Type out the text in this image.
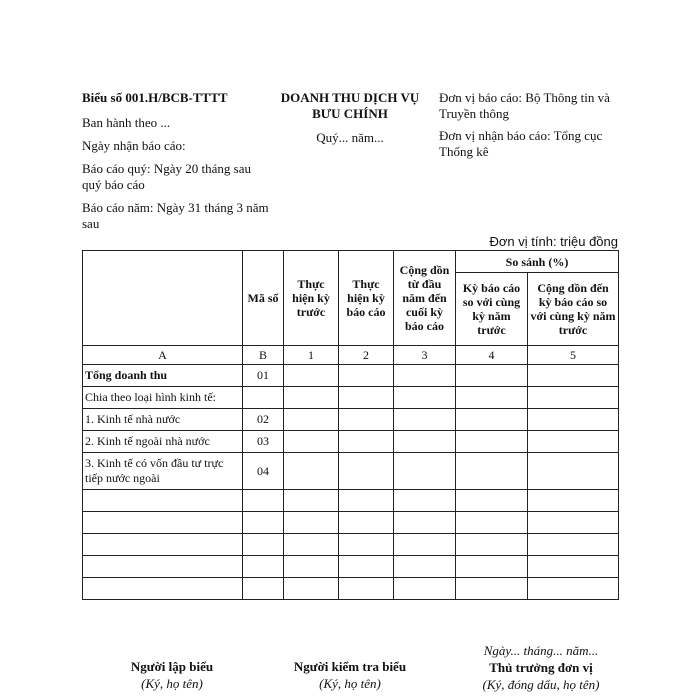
Biểu số 001.H/BCB-TTTT
Ban hành theo ...
Ngày nhận báo cáo:
Báo cáo quý: Ngày 20 tháng sau quý báo cáo
Báo cáo năm: Ngày 31 tháng 3 năm sau
DOANH THU DỊCH VỤ BƯU CHÍNH
Quý... năm...
Đơn vị báo cáo: Bộ Thông tin và Truyền thông
Đơn vị nhận báo cáo: Tổng cục Thống kê
Đơn vị tính: triệu đồng
	Mã số	Thực hiện kỳ trước	Thực hiện kỳ báo cáo	Cộng dồn từ đầu năm đến cuối kỳ báo cáo	So sánh (%)	
					Kỳ báo cáo so với cùng kỳ năm trước	Cộng dồn đến kỳ báo cáo so với cùng kỳ năm trước
A	B	1	2	3	4	5
Tổng doanh thu	01					
Chia theo loại hình kinh tế:						
1. Kinh tế nhà nước	02					
2. Kinh tế ngoài nhà nước	03					
3. Kinh tế có vốn đầu tư trực tiếp nước ngoài	04					

Người lập biểu
(Ký, họ tên)
Người kiểm tra biểu
(Ký, họ tên)
Ngày... tháng... năm...
Thủ trưởng đơn vị
(Ký, đóng dấu, họ tên)
